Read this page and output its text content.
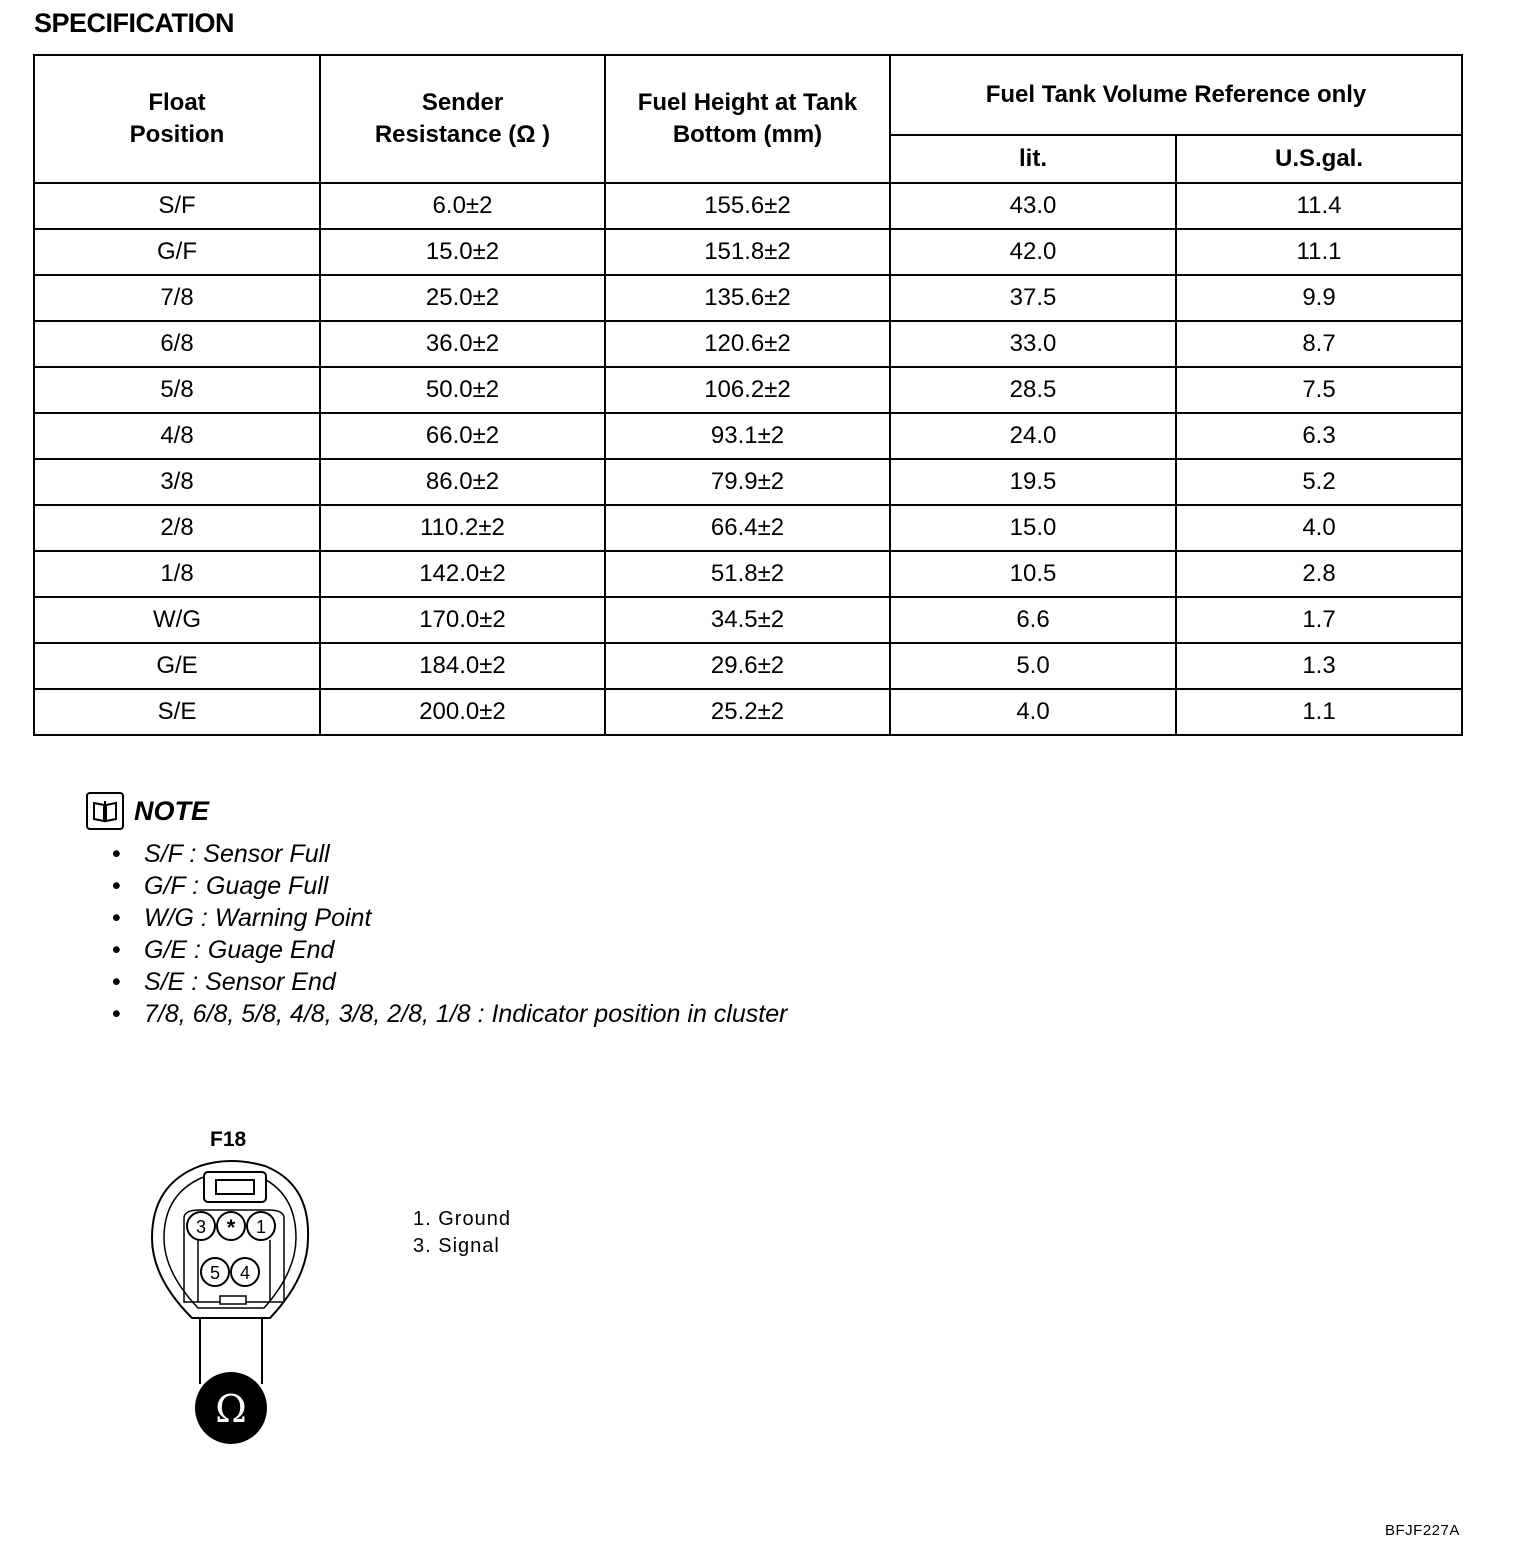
SPECIFICATION
Float Position	Sender Resistance (Ω )	Fuel Height at Tank Bottom (mm)	Fuel Tank Volume Reference only	
			lit.	U.S.gal.
S/F	6.0±2	155.6±2	43.0	11.4
G/F	15.0±2	151.8±2	42.0	11.1
7/8	25.0±2	135.6±2	37.5	9.9
6/8	36.0±2	120.6±2	33.0	8.7
5/8	50.0±2	106.2±2	28.5	7.5
4/8	66.0±2	93.1±2	24.0	6.3
3/8	86.0±2	79.9±2	19.5	5.2
2/8	110.2±2	66.4±2	15.0	4.0
1/8	142.0±2	51.8±2	10.5	2.8
W/G	170.0±2	34.5±2	6.6	1.7
G/E	184.0±2	29.6±2	5.0	1.3
S/E	200.0±2	25.2±2	4.0	1.1
NOTE
• S/F : Sensor Full
• G/F : Guage Full
• W/G : Warning Point
• G/E : Guage End
• S/E : Sensor End
• 7/8, 6/8, 5/8, 4/8, 3/8, 2/8, 1/8 : Indicator position in cluster
F18
3 * 1
5 4
Ω
1. Ground
3. Signal
BFJF227A
